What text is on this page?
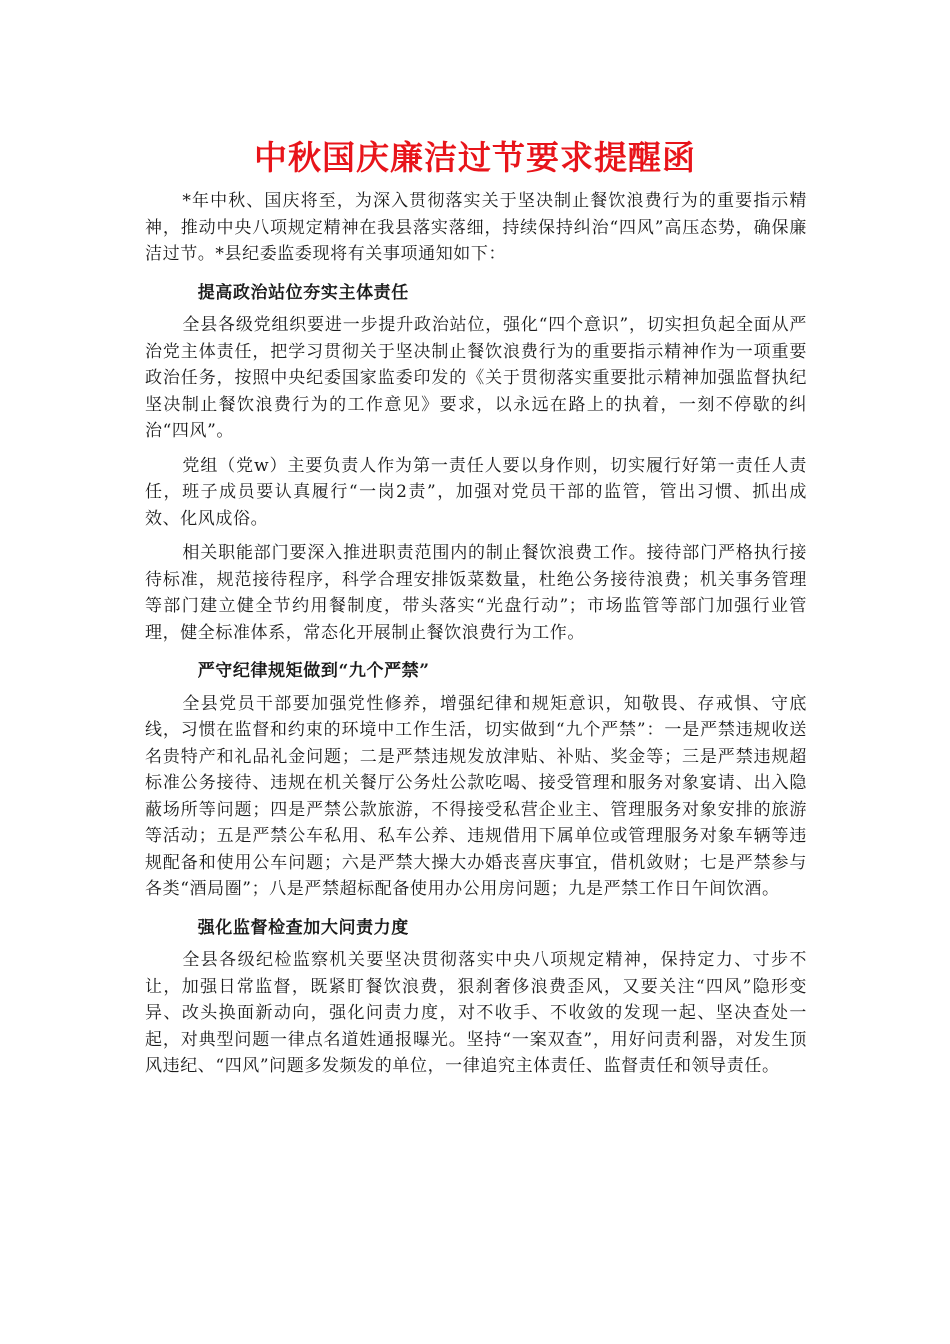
中秋国庆廉洁过节要求提醒函

*年中秋、国庆将至，为深入贯彻落实关于坚决制止餐饮浪费行为的重要指示精神，推动中央八项规定精神在我县落实落细，持续保持纠治“四风”高压态势，确保廉洁过节。*县纪委监委现将有关事项通知如下：

提高政治站位夯实主体责任

全县各级党组织要进一步提升政治站位，强化“四个意识”，切实担负起全面从严治党主体责任，把学习贯彻关于坚决制止餐饮浪费行为的重要指示精神作为一项重要政治任务，按照中央纪委国家监委印发的《关于贯彻落实重要批示精神加强监督执纪坚决制止餐饮浪费行为的工作意见》要求，以永远在路上的执着，一刻不停歇的纠治“四风”。

党组（党w）主要负责人作为第一责任人要以身作则，切实履行好第一责任人责任，班子成员要认真履行“一岗2责”，加强对党员干部的监管，管出习惯、抓出成效、化风成俗。

相关职能部门要深入推进职责范围内的制止餐饮浪费工作。接待部门严格执行接待标准，规范接待程序，科学合理安排饭菜数量，杜绝公务接待浪费；机关事务管理等部门建立健全节约用餐制度，带头落实“光盘行动”；市场监管等部门加强行业管理，健全标准体系，常态化开展制止餐饮浪费行为工作。

严守纪律规矩做到“九个严禁”

全县党员干部要加强党性修养，增强纪律和规矩意识，知敬畏、存戒惧、守底线，习惯在监督和约束的环境中工作生活，切实做到“九个严禁”：一是严禁违规收送名贵特产和礼品礼金问题；二是严禁违规发放津贴、补贴、奖金等；三是严禁违规超标准公务接待、违规在机关餐厅公务灶公款吃喝、接受管理和服务对象宴请、出入隐蔽场所等问题；四是严禁公款旅游，不得接受私营企业主、管理服务对象安排的旅游等活动；五是严禁公车私用、私车公养、违规借用下属单位或管理服务对象车辆等违规配备和使用公车问题；六是严禁大操大办婚丧喜庆事宜，借机敛财；七是严禁参与各类“酒局圈”；八是严禁超标配备使用办公用房问题；九是严禁工作日午间饮酒。

强化监督检查加大问责力度

全县各级纪检监察机关要坚决贯彻落实中央八项规定精神，保持定力、寸步不让，加强日常监督，既紧盯餐饮浪费，狠刹奢侈浪费歪风，又要关注“四风”隐形变异、改头换面新动向，强化问责力度，对不收手、不收敛的发现一起、坚决查处一起，对典型问题一律点名道姓通报曝光。坚持“一案双查”，用好问责利器，对发生顶风违纪、“四风”问题多发频发的单位，一律追究主体责任、监督责任和领导责任。
